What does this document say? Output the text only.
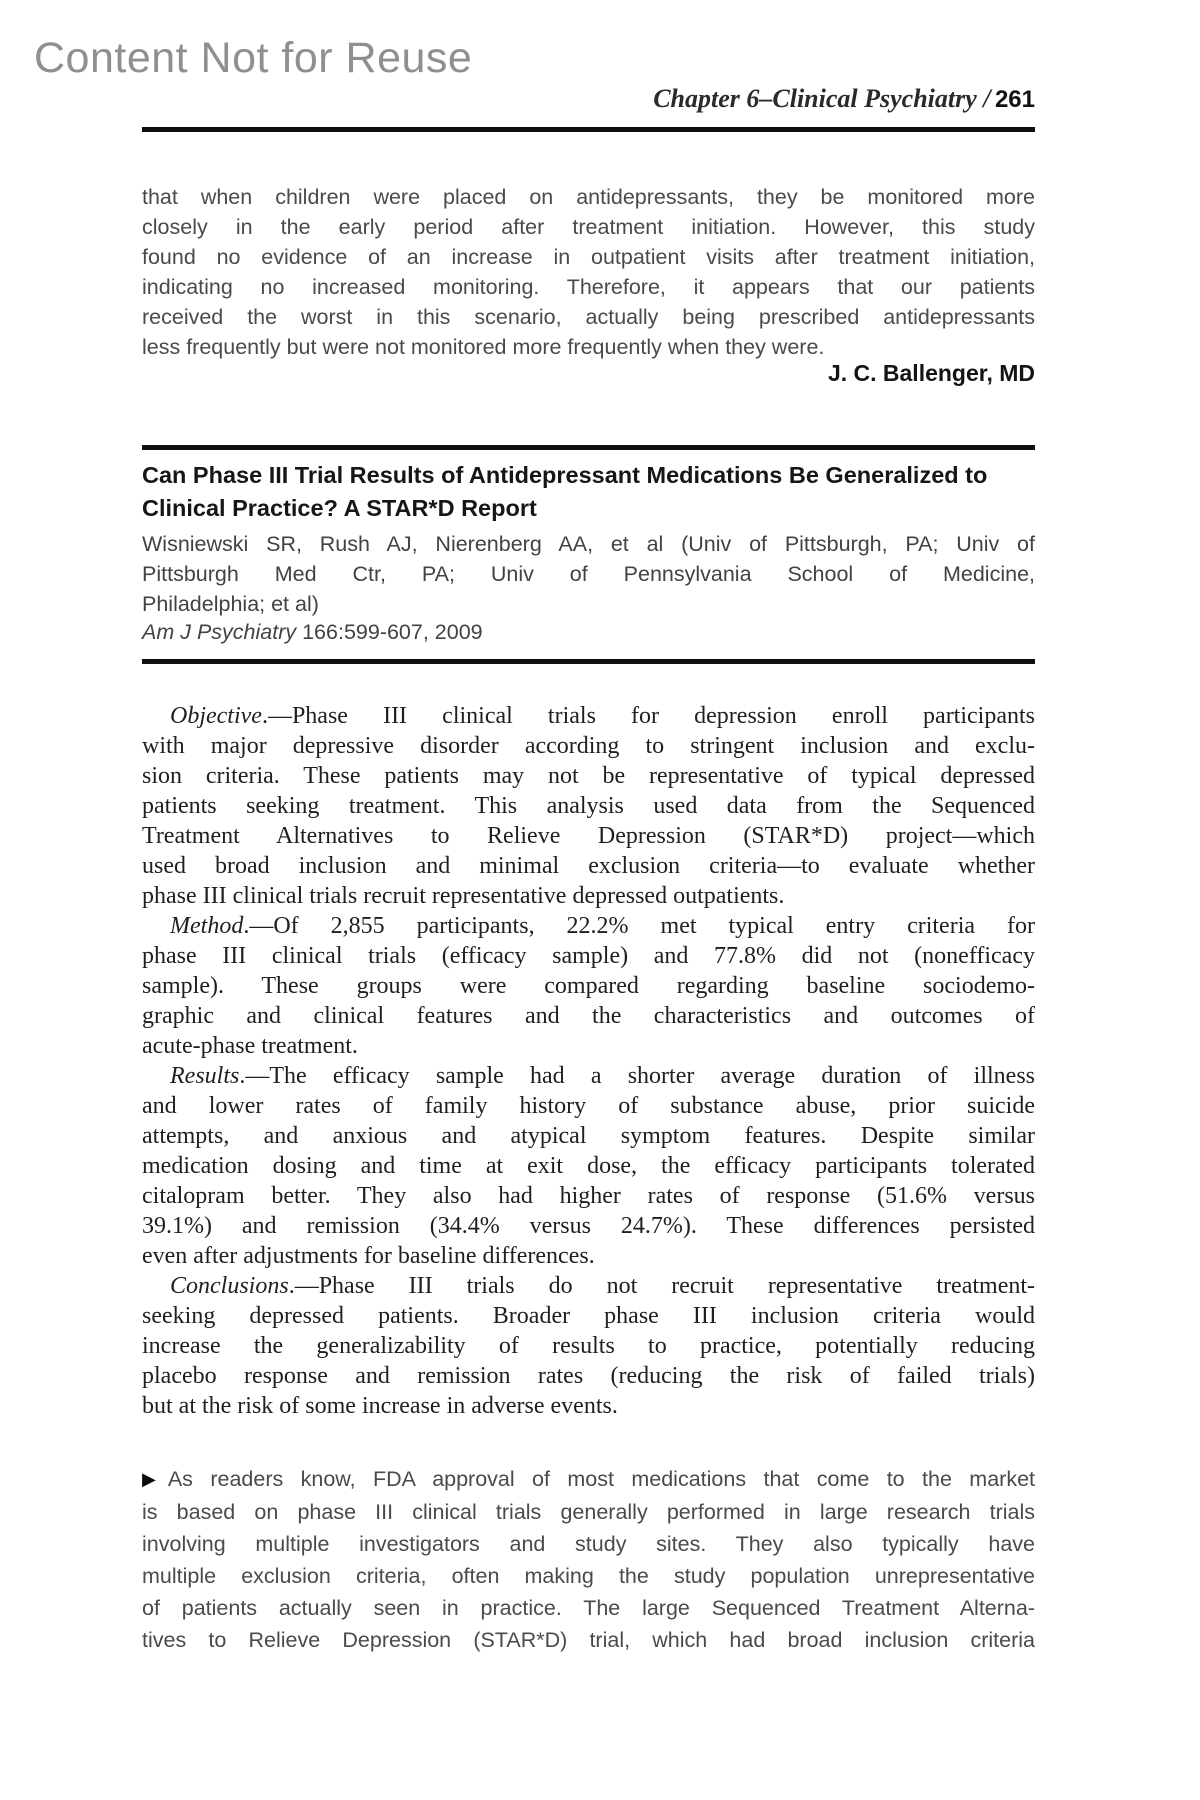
Content Not for Reuse
Chapter 6–Clinical Psychiatry / 261
that when children were placed on antidepressants, they be monitored more
closely in the early period after treatment initiation. However, this study
found no evidence of an increase in outpatient visits after treatment initiation,
indicating no increased monitoring. Therefore, it appears that our patients
received the worst in this scenario, actually being prescribed antidepressants
less frequently but were not monitored more frequently when they were.
J. C. Ballenger, MD
Can Phase III Trial Results of Antidepressant Medications Be Generalized to
Clinical Practice? A STAR*D Report
Wisniewski SR, Rush AJ, Nierenberg AA, et al (Univ of Pittsburgh, PA; Univ of
Pittsburgh Med Ctr, PA; Univ of Pennsylvania School of Medicine,
Philadelphia; et al)
Am J Psychiatry 166:599-607, 2009
Objective.—Phase III clinical trials for depression enroll participants
with major depressive disorder according to stringent inclusion and exclu-
sion criteria. These patients may not be representative of typical depressed
patients seeking treatment. This analysis used data from the Sequenced
Treatment Alternatives to Relieve Depression (STAR*D) project—which
used broad inclusion and minimal exclusion criteria—to evaluate whether
phase III clinical trials recruit representative depressed outpatients.
Method.—Of 2,855 participants, 22.2% met typical entry criteria for
phase III clinical trials (efficacy sample) and 77.8% did not (nonefficacy
sample). These groups were compared regarding baseline sociodemo-
graphic and clinical features and the characteristics and outcomes of
acute-phase treatment.
Results.—The efficacy sample had a shorter average duration of illness
and lower rates of family history of substance abuse, prior suicide
attempts, and anxious and atypical symptom features. Despite similar
medication dosing and time at exit dose, the efficacy participants tolerated
citalopram better. They also had higher rates of response (51.6% versus
39.1%) and remission (34.4% versus 24.7%). These differences persisted
even after adjustments for baseline differences.
Conclusions.—Phase III trials do not recruit representative treatment-
seeking depressed patients. Broader phase III inclusion criteria would
increase the generalizability of results to practice, potentially reducing
placebo response and remission rates (reducing the risk of failed trials)
but at the risk of some increase in adverse events.
▶ As readers know, FDA approval of most medications that come to the market
is based on phase III clinical trials generally performed in large research trials
involving multiple investigators and study sites. They also typically have
multiple exclusion criteria, often making the study population unrepresentative
of patients actually seen in practice. The large Sequenced Treatment Alterna-
tives to Relieve Depression (STAR*D) trial, which had broad inclusion criteria
